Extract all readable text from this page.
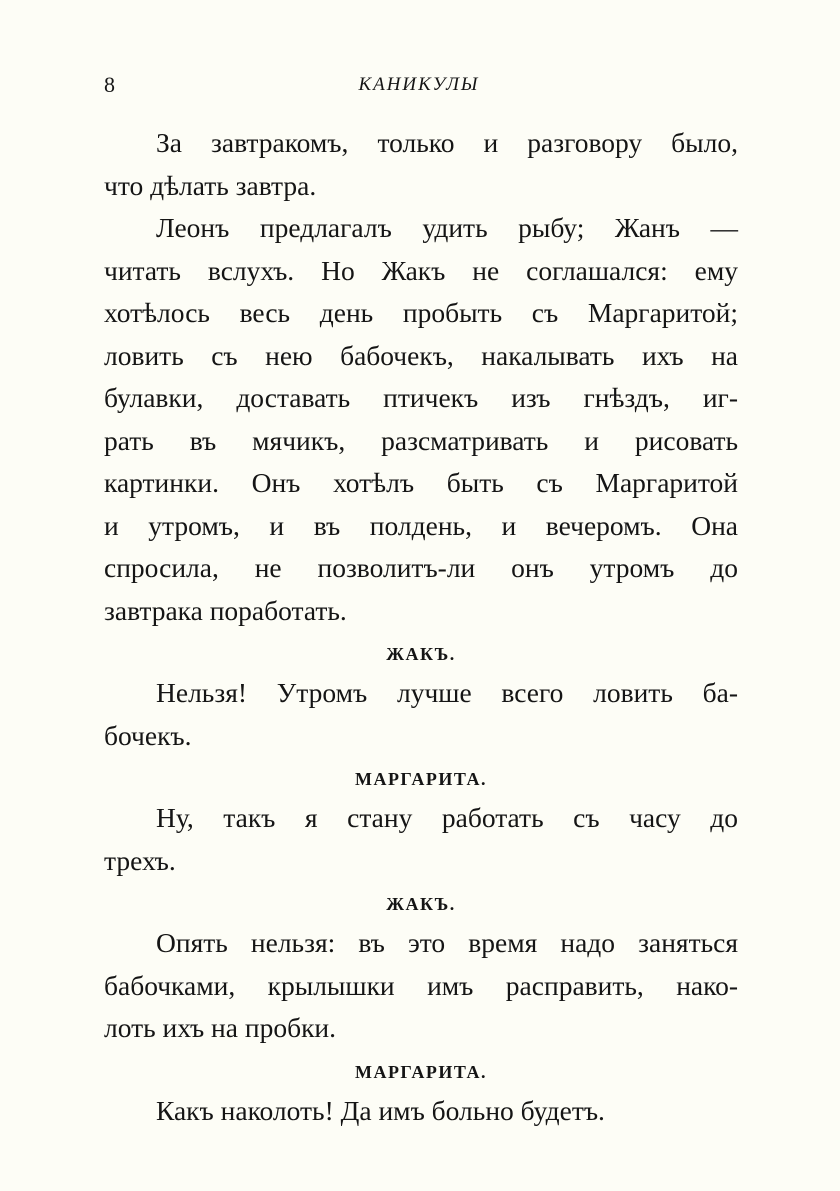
8	КАНИКУЛЫ

За завтракомъ, только и разговору было,
что дѣлать завтра.

Леонъ предлагалъ удить рыбу; Жанъ —
читать вслухъ. Но Жакъ не соглашался: ему
хотѣлось весь день пробыть съ Маргаритой;
ловить съ нею бабочекъ, накалывать ихъ на
булавки, доставать птичекъ изъ гнѣздъ, иг-
рать въ мячикъ, разсматривать и рисовать
картинки. Онъ хотѣлъ быть съ Маргаритой
и утромъ, и въ полдень, и вечеромъ. Она
спросила, не позволитъ-ли онъ утромъ до
завтрака поработать.

ЖАКЪ.

Нельзя! Утромъ лучше всего ловить ба-
бочекъ.

МАРГАРИТА.

Ну, такъ я стану работать съ часу до
трехъ.

ЖАКЪ.

Опять нельзя: въ это время надо заняться
бабочками, крылышки имъ расправить, нако-
лоть ихъ на пробки.

МАРГАРИТА.

Какъ наколоть! Да имъ больно будетъ.
